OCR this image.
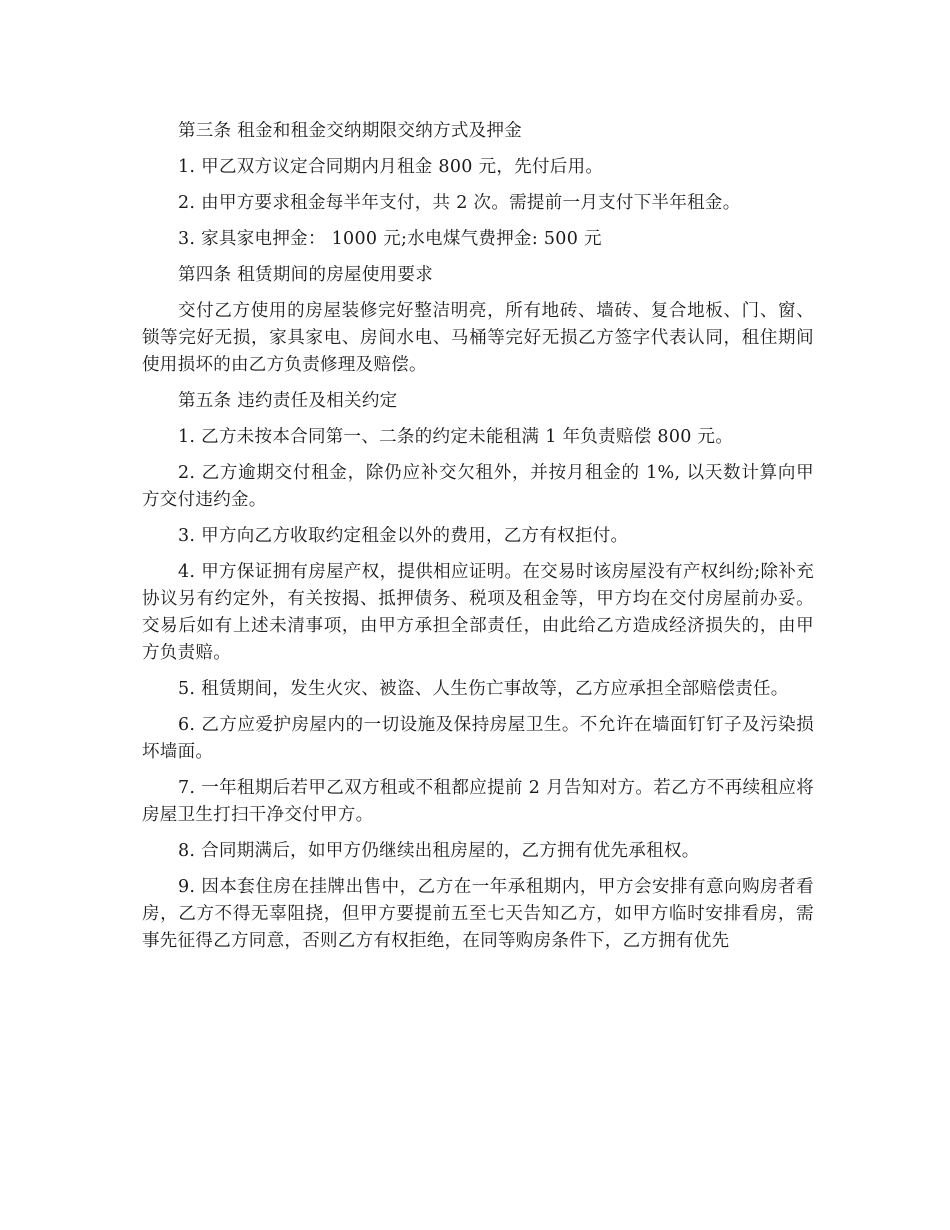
第三条 租金和租金交纳期限交纳方式及押金

1. 甲乙双方议定合同期内月租金 800 元，先付后用。

2. 由甲方要求租金每半年支付，共 2 次。需提前一月支付下半年租金。

3. 家具家电押金： 1000 元;水电煤气费押金: 500 元

第四条 租赁期间的房屋使用要求

交付乙方使用的房屋装修完好整洁明亮，所有地砖、墙砖、复合地板、门、窗、锁等完好无损，家具家电、房间水电、马桶等完好无损乙方签字代表认同，租住期间使用损坏的由乙方负责修理及赔偿。

第五条 违约责任及相关约定

1. 乙方未按本合同第一、二条的约定未能租满 1 年负责赔偿 800 元。

2. 乙方逾期交付租金，除仍应补交欠租外，并按月租金的 1%, 以天数计算向甲方交付违约金。

3. 甲方向乙方收取约定租金以外的费用，乙方有权拒付。

4. 甲方保证拥有房屋产权，提供相应证明。在交易时该房屋没有产权纠纷;除补充协议另有约定外，有关按揭、抵押债务、税项及租金等，甲方均在交付房屋前办妥。交易后如有上述未清事项，由甲方承担全部责任，由此给乙方造成经济损失的，由甲方负责赔。

5. 租赁期间，发生火灾、被盗、人生伤亡事故等，乙方应承担全部赔偿责任。

6. 乙方应爱护房屋内的一切设施及保持房屋卫生。不允许在墙面钉钉子及污染损坏墙面。

7. 一年租期后若甲乙双方租或不租都应提前 2 月告知对方。若乙方不再续租应将房屋卫生打扫干净交付甲方。

8. 合同期满后，如甲方仍继续出租房屋的，乙方拥有优先承租权。

9. 因本套住房在挂牌出售中，乙方在一年承租期内，甲方会安排有意向购房者看房，乙方不得无辜阻挠，但甲方要提前五至七天告知乙方，如甲方临时安排看房，需事先征得乙方同意，否则乙方有权拒绝，在同等购房条件下，乙方拥有优先
